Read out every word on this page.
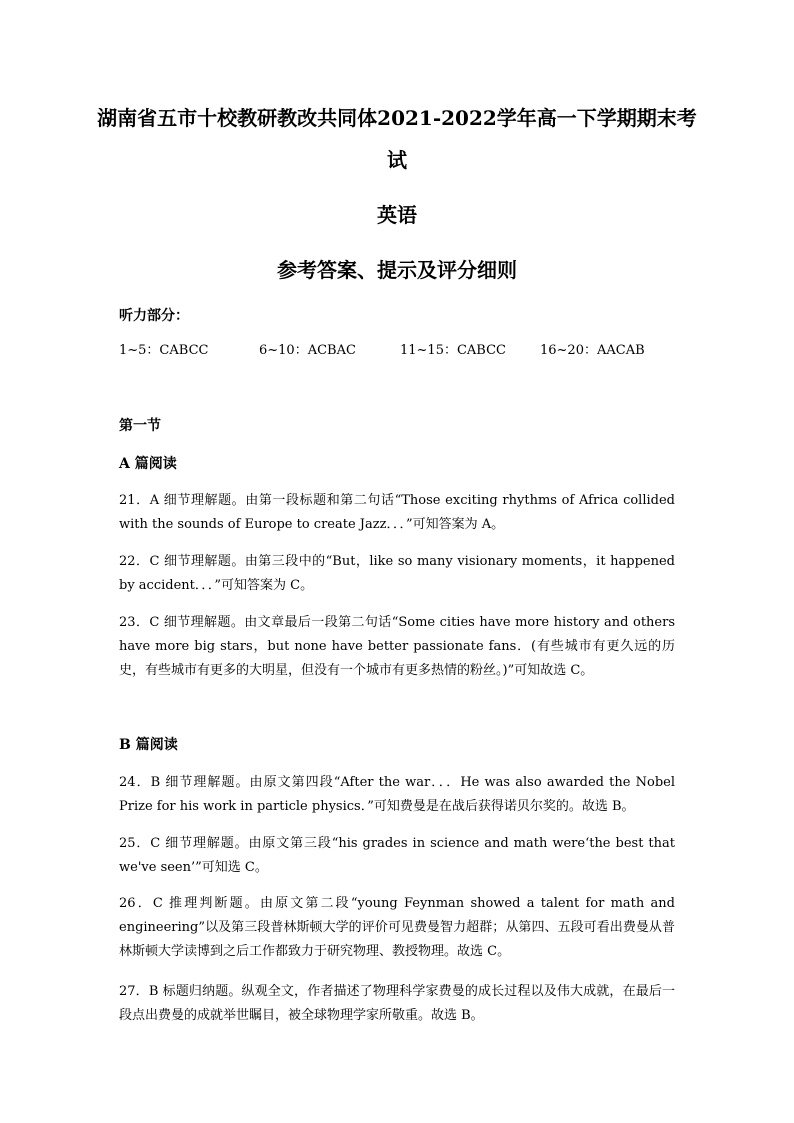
湖南省五市十校教研教改共同体2021-2022学年高一下学期期末考
试
英语
参考答案、提示及评分细则
听力部分：
1~5：CABCC	6~10：ACBAC	11~15：CABCC	16~20：AACAB
第一节
A 篇阅读
21．A 细节理解题。由第一段标题和第二句话“Those exciting rhythms of Africa collided with the sounds of Europe to create Jazz．．．”可知答案为 A。
22．C 细节理解题。由第三段中的“But，like so many visionary moments，it happened by accident．．．”可知答案为 C。
23．C 细节理解题。由文章最后一段第二句话“Some cities have more history and others have more big stars，but none have better passionate fans．(有些城市有更久远的历史，有些城市有更多的大明星，但没有一个城市有更多热情的粉丝。)”可知故选 C。
B 篇阅读
24．B 细节理解题。由原文第四段“After the war．．．He was also awarded the Nobel Prize for his work in particle physics．”可知费曼是在战后获得诺贝尔奖的。故选 B。
25．C 细节理解题。由原文第三段“his grades in science and math were‘the best that we've seen’”可知选 C。
26．C 推理判断题。由原文第二段“young Feynman showed a talent for math and engineering”以及第三段普林斯顿大学的评价可见费曼智力超群；从第四、五段可看出费曼从普林斯顿大学读博到之后工作都致力于研究物理、教授物理。故选 C。
27．B 标题归纳题。纵观全文，作者描述了物理科学家费曼的成长过程以及伟大成就，在最后一段点出费曼的成就举世瞩目，被全球物理学家所敬重。故选 B。
